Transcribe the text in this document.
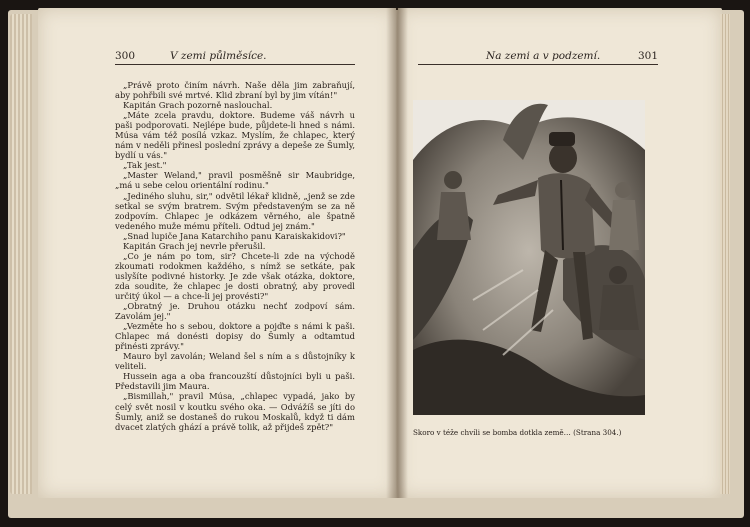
300	V zemi půlměsíce.
	Na zemi a v podzemí.	301

„Právě proto činím návrh. Naše děla jim zabraňují, aby pohřbili své mrtvé. Klid zbraní byl by jim vítán!"

Kapitán Grach pozorně naslouchal.

„Máte zcela pravdu, doktore. Budeme váš návrh u paši podporovati. Nejlépe bude, půjdete-li hned s námi. Músa vám též posílá vzkaz. Myslím, že chlapec, který nám v neděli přinesl poslední zprávy a depeše ze Šumly, bydlí u vás."

„Tak jest."

„Master Weland," pravil posměšně sir Maubridge, „má u sebe celou orientální rodinu."

„Jediného sluhu, sir," odvětil lékař klidně, „jenž se zde setkal se svým bratrem. Svým představeným se za ně zodpovím. Chlapec je odkázem věrného, ale špatně vedeného muže mému příteli. Odtud jej znám."

„Snad lupiče Jana Katarchiho panu Karaiskakidovi?"

Kapitán Grach jej nevrle přerušil.

„Co je nám po tom, sir? Chcete-li zde na východě zkoumati rodokmen každého, s nímž se setkáte, pak uslyšíte podivné historky. Je zde však otázka, doktore, zda soudite, že chlapec je dosti obratný, aby provedl určitý úkol — a chce-li jej provésti?"

„Obratný je. Druhou otázku nechť zodpoví sám. Zavolám jej."

„Vezměte ho s sebou, doktore a pojďte s námi k paši. Chlapec má donésti dopisy do Šumly a odtamtud přinésti zprávy."

Mauro byl zavolán; Weland šel s ním a s důstojníky k veliteli.

Hussein aga a oba francouzští důstojníci byli u paši. Představili jim Maura.

„Bismillah," pravil Músa, „chlapec vypadá, jako by celý svět nosil v koutku svého oka. — Odvážíš se jíti do Šumly, aniž se dostaneš do rukou Moskalů, když ti dám dvacet zlatých ghází a právě tolik, až přijdeš zpět?"

Skoro v téže chvíli se bomba dotkla země… (Strana 304.)
